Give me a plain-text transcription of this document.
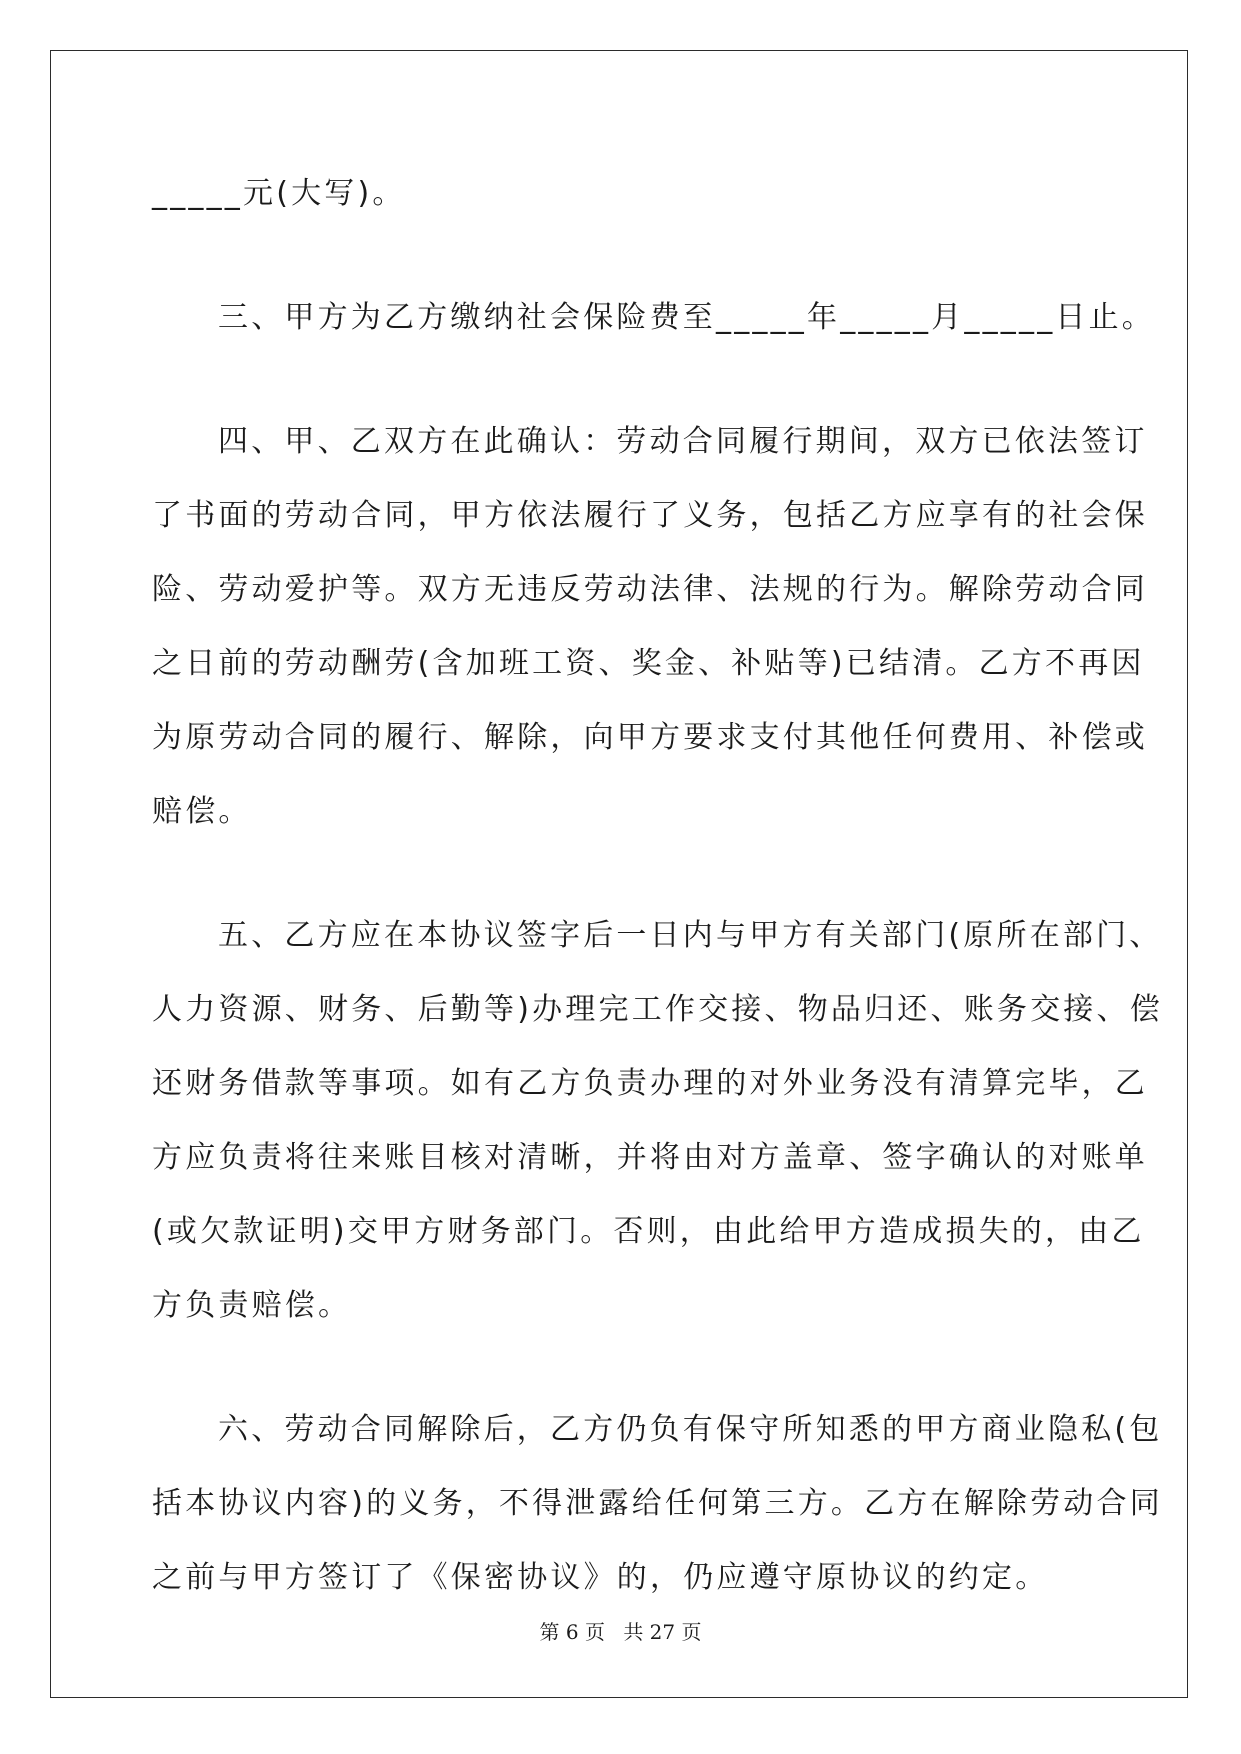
_____元(大写)。

三、甲方为乙方缴纳社会保险费至_____年_____月_____日止。

四、甲、乙双方在此确认：劳动合同履行期间，双方已依法签订

了书面的劳动合同，甲方依法履行了义务，包括乙方应享有的社会保

险、劳动爱护等。双方无违反劳动法律、法规的行为。解除劳动合同

之日前的劳动酬劳(含加班工资、奖金、补贴等)已结清。乙方不再因

为原劳动合同的履行、解除，向甲方要求支付其他任何费用、补偿或

赔偿。

五、乙方应在本协议签字后一日内与甲方有关部门(原所在部门、

人力资源、财务、后勤等)办理完工作交接、物品归还、账务交接、偿

还财务借款等事项。如有乙方负责办理的对外业务没有清算完毕，乙

方应负责将往来账目核对清晰，并将由对方盖章、签字确认的对账单

(或欠款证明)交甲方财务部门。否则，由此给甲方造成损失的，由乙

方负责赔偿。

六、劳动合同解除后，乙方仍负有保守所知悉的甲方商业隐私(包

括本协议内容)的义务，不得泄露给任何第三方。乙方在解除劳动合同

之前与甲方签订了《保密协议》的，仍应遵守原协议的约定。

第 6 页 共 27 页
